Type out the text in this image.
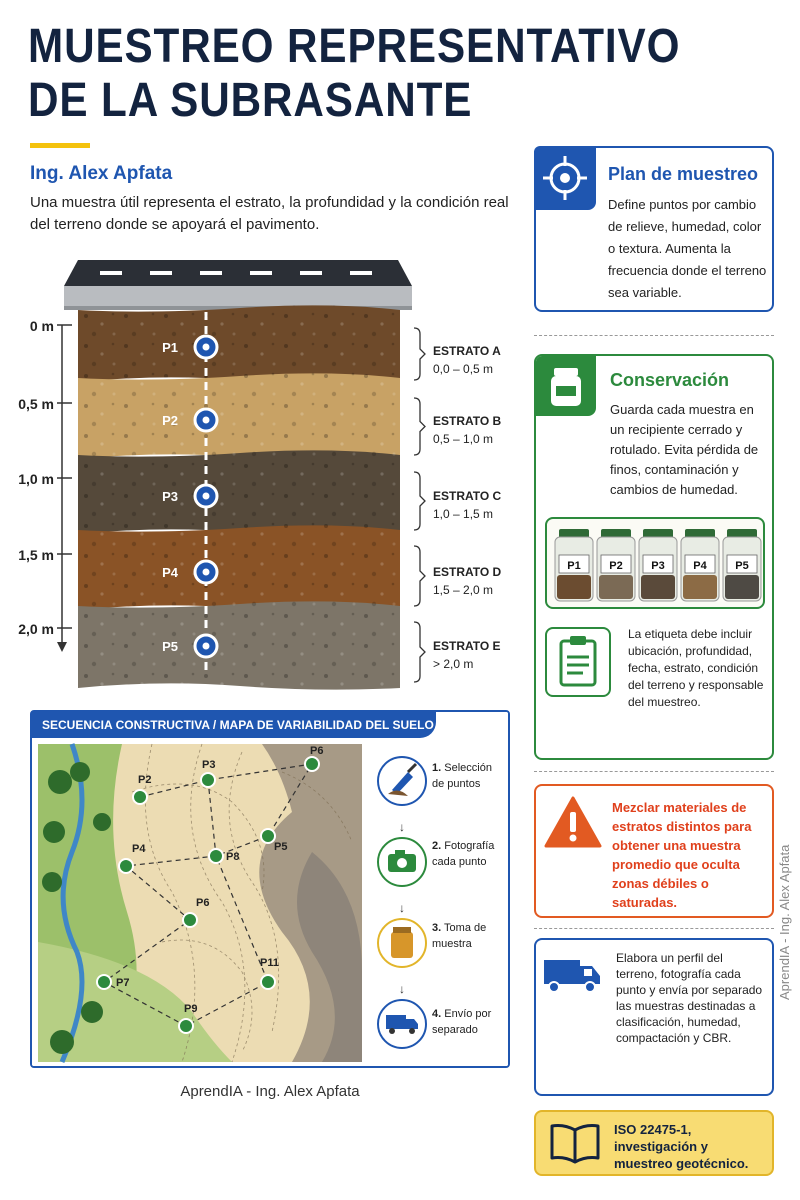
MUESTREO REPRESENTATIVO
DE LA SUBRASANTE
Ing. Alex Apfata
Una muestra útil representa el estrato, la profundidad y la condición real del terreno donde se apoyará el pavimento.
P1
P2
P3
P4
P5
0 m
0,5 m
1,0 m
1,5 m
2,0 m
ESTRATO A
0,0 – 0,5 m
ESTRATO B
0,5 – 1,0 m
ESTRATO C
1,0 – 1,5 m
ESTRATO D
1,5 – 2,0 m
ESTRATO E
> 2,0 m
P2
P3
P6
P5
P8
P4
P6
P11
P7
P9
↓
↓
↓
SECUENCIA CONSTRUCTIVA / MAPA DE VARIABILIDAD DEL SUELO
1. Selección de puntos
2. Fotografía cada punto
3. Toma de muestra
4. Envío por separado
AprendIA - Ing. Alex Apfata
AprendIA - Ing. Alex Apfata
Plan de muestreo
Define puntos por cambio de relieve, humedad, color o textura. Aumenta la frecuencia donde el terreno sea variable.
Conservación
Guarda cada muestra en un recipiente cerrado y rotulado. Evita pérdida de finos, contaminación y cambios de humedad.
P1	P2	P3	P4	P5
La etiqueta debe incluir ubicación, profundidad, fecha, estrato, condición del terreno y responsable del muestreo.
Mezclar materiales de estratos distintos para obtener una muestra promedio que oculta zonas débiles o saturadas.
Elabora un perfil del terreno, fotografía cada punto y envía por separado las muestras destinadas a clasificación, humedad, compactación y CBR.
ISO 22475-1, investigación y muestreo geotécnico.
